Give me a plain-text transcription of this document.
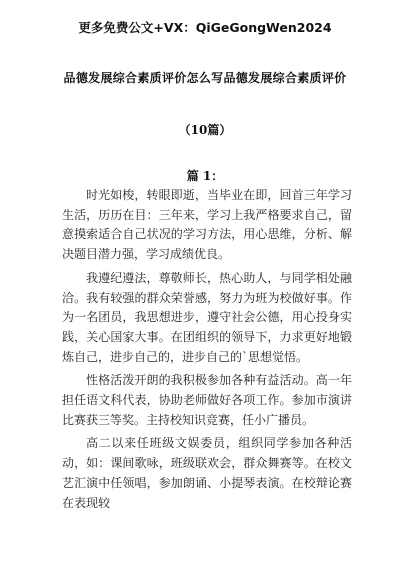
更多免费公文+VX：QiGeGongWen2024
品德发展综合素质评价怎么写品德发展综合素质评价
（10篇）
篇 1：

时光如梭，转眼即逝，当毕业在即，回首三年学习生活，历历在目：三年来，学习上我严格要求自己，留意摸索适合自己状况的学习方法，用心思维，分析、解决题目潜力强，学习成绩优良。

我遵纪遵法，尊敬师长，热心助人，与同学相处融洽。我有较强的群众荣誉感，努力为班为校做好事。作为一名团员，我思想进步，遵守社会公德，用心投身实践，关心国家大事。在团组织的领导下，力求更好地锻炼自己，进步自己的，进步自己的`思想觉悟。

性格活泼开朗的我积极参加各种有益活动。高一年担任语文科代表，协助老师做好各项工作。参加市演讲比赛获三等奖。主持校知识竞赛，任小广播员。

高二以来任班级文娱委员，组织同学参加各种活动，如：课间歌咏，班级联欢会，群众舞赛等。在校文艺汇演中任领唱，参加朗诵、小提琴表演。在校辩论赛在表现较
